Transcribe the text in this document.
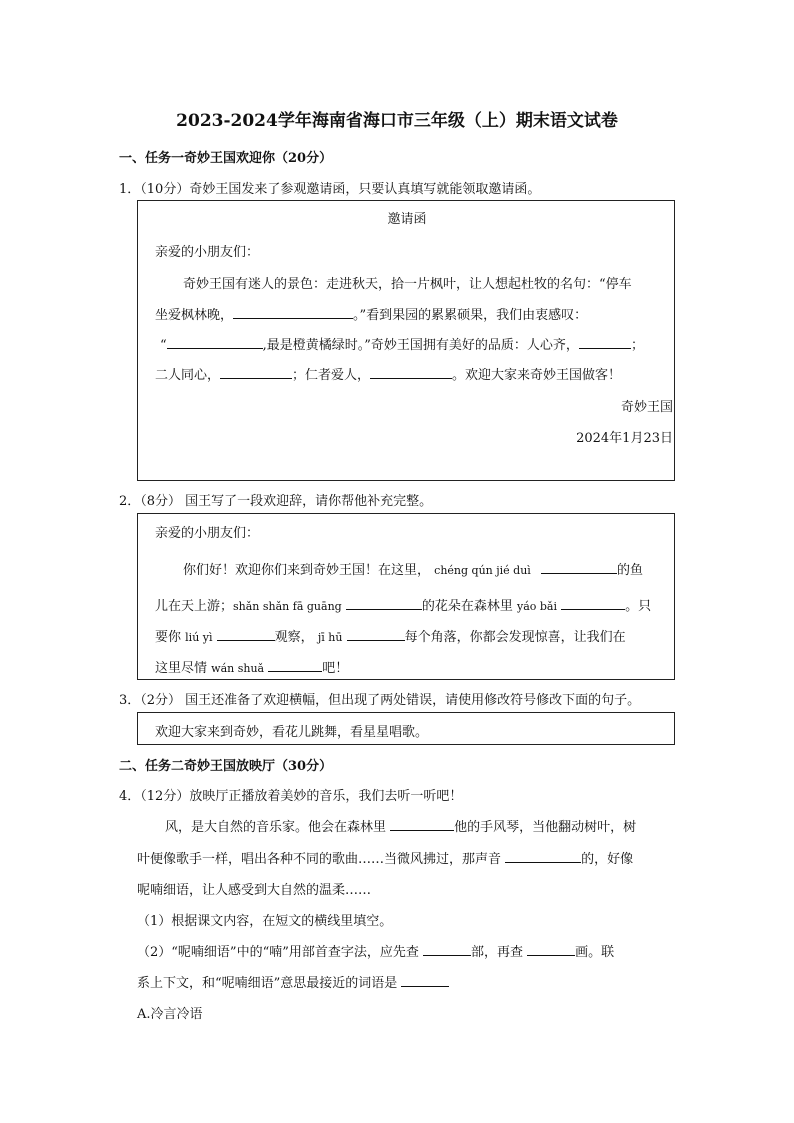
2023-2024学年海南省海口市三年级（上）期末语文试卷
一、任务一奇妙王国欢迎你（20分）
1．（10分）奇妙王国发来了参观邀请函，只要认真填写就能领取邀请函。
邀请函
亲爱的小朋友们：
奇妙王国有迷人的景色：走进秋天，拾一片枫叶，让人想起杜牧的名句：“停车
坐爱枫林晚，	。”看到果园的累累硕果，我们由衷感叹：
“	,最是橙黄橘绿时。”奇妙王国拥有美好的品质：人心齐，	；
二人同心，	；仁者爱人，	。欢迎大家来奇妙王国做客！
奇妙王国
2024年1月23日
2．（8分） 国王写了一段欢迎辞，请你帮他补充完整。
亲爱的小朋友们：
你们好！欢迎你们来到奇妙王国！在这里， chéng qún jié duì	的鱼
儿在天上游；shǎn shǎn fā guāng	的花朵在森林里 yáo bǎi	。只
要你 liú yì	观察， jī hū	每个角落，你都会发现惊喜，让我们在
这里尽情 wán shuǎ	吧！
3．（2分） 国王还准备了欢迎横幅，但出现了两处错误，请使用修改符号修改下面的句子。
欢迎大家来到奇妙，看花儿跳舞，看星星唱歌。
二、任务二奇妙王国放映厅（30分）
4．（12分）放映厅正播放着美妙的音乐，我们去听一听吧！
风，是大自然的音乐家。他会在森林里	他的手风琴，当他翻动树叶，树
叶便像歌手一样，唱出各种不同的歌曲……当微风拂过，那声音	的，好像
呢喃细语，让人感受到大自然的温柔……
（1）根据课文内容，在短文的横线里填空。
（2）“呢喃细语”中的“喃”用部首查字法，应先查	部，再查	画。联
系上下文，和“呢喃细语”意思最接近的词语是
A.冷言冷语
